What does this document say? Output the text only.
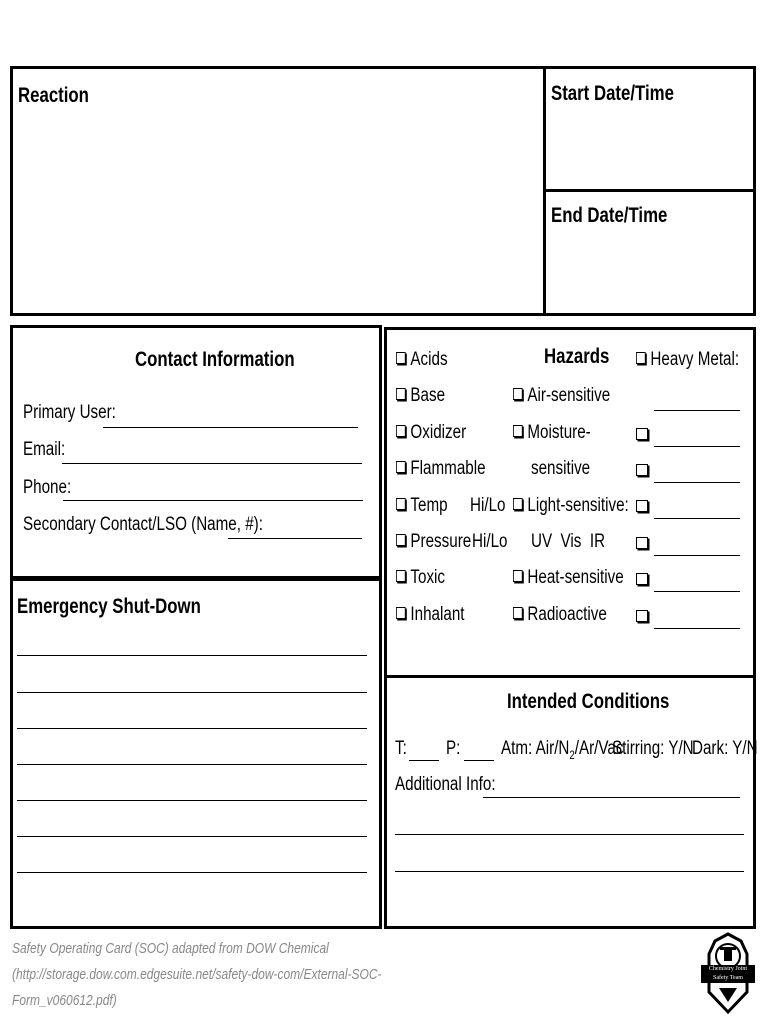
Reaction	Start Date/Time
End Date/Time
Contact Information
Primary User:
Email:
Phone:
Secondary Contact/LSO (Name, #):
Emergency Shut-Down
Hazards
Acids
Base
Oxidizer
Flammable
Temp	Hi/Lo
Pressure Hi/Lo
Toxic
Inhalant
Air-sensitive
Moisture-
sensitive
Light-sensitive:
UV  Vis  IR
Heat-sensitive
Radioactive
Heavy Metal:
Intended Conditions
T: P: Atm: Air/$N_2/Ar$/Vac
Stirring: Y/N
Dark: Y/N
Additional Info:
Safety Operating Card (SOC) adapted from DOW Chemical
(http://storage.dow.com.edgesuite.net/safety-dow-com/External-SOC-
Form_v060612.pdf)
Chemistry Joint
Safety Team
